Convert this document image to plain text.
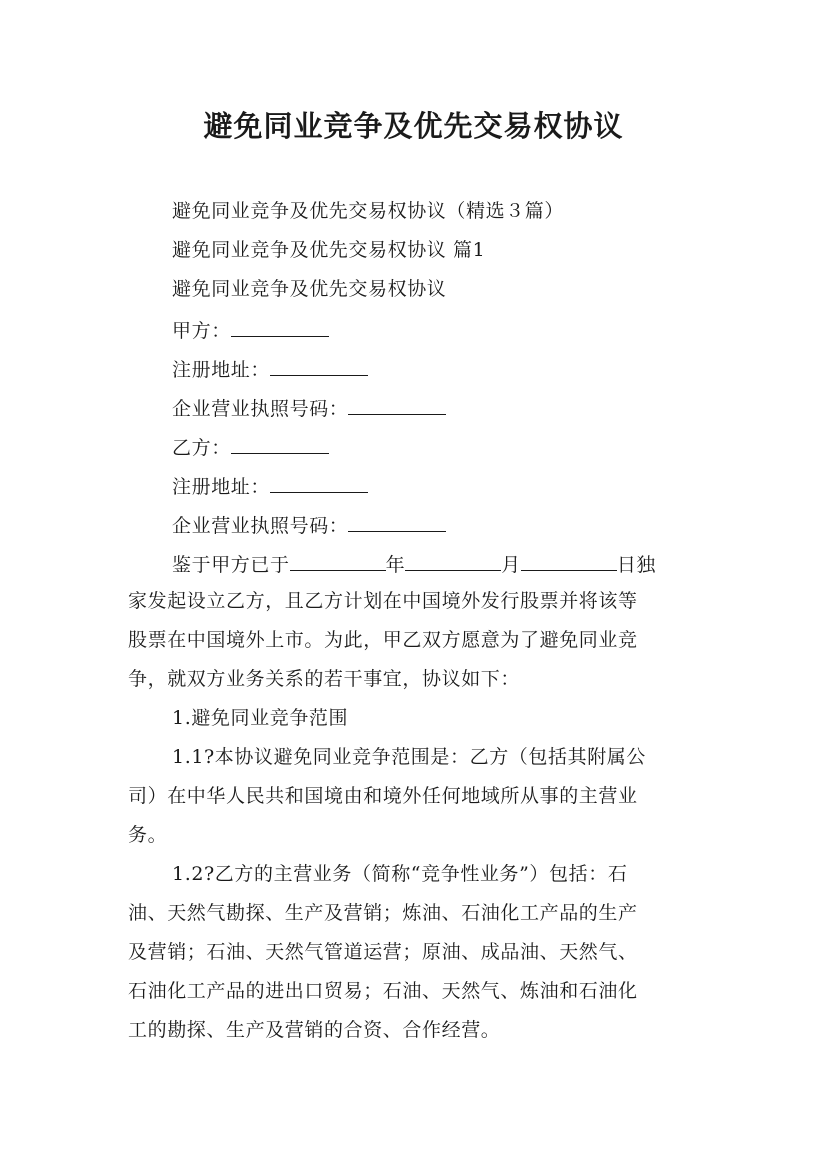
避免同业竞争及优先交易权协议
避免同业竞争及优先交易权协议（精选３篇）
避免同业竞争及优先交易权协议 篇1
避免同业竞争及优先交易权协议
甲方：
注册地址：
企业营业执照号码：
乙方：
注册地址：
企业营业执照号码：
鉴于甲方已于	年	月	日独
家发起设立乙方，且乙方计划在中国境外发行股票并将该等
股票在中国境外上市。为此，甲乙双方愿意为了避免同业竞
争，就双方业务关系的若干事宜，协议如下：
1.避免同业竞争范围
1.1?本协议避免同业竞争范围是：乙方（包括其附属公
司）在中华人民共和国境由和境外任何地域所从事的主营业
务。
1.2?乙方的主营业务（简称“竞争性业务”）包括：石
油、天然气勘探、生产及营销；炼油、石油化工产品的生产
及营销；石油、天然气管道运营；原油、成品油、天然气、
石油化工产品的进出口贸易；石油、天然气、炼油和石油化
工的勘探、生产及营销的合资、合作经营。
